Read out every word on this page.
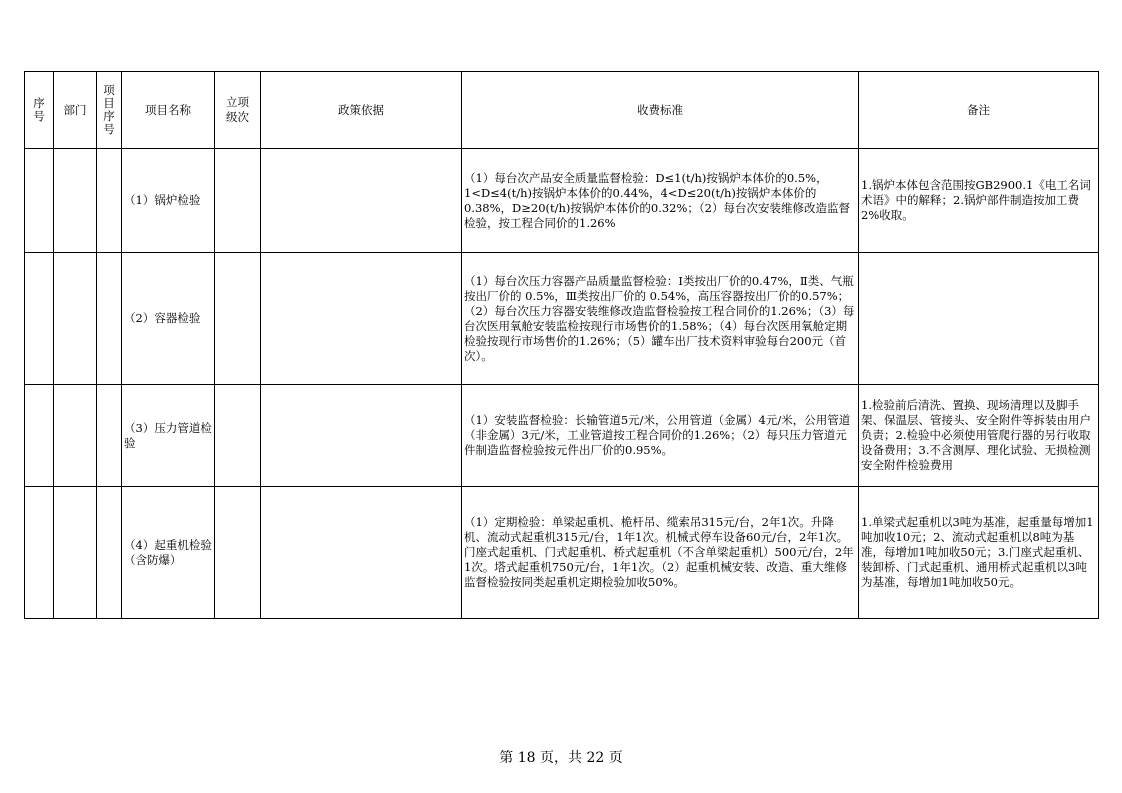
序号	部门	项目序号	项目名称	立项级次	政策依据	收费标准	备注
			（1）锅炉检验			（1）每台次产品安全质量监督检验：D≤1(t/h)按锅炉本体价的0.5%，1<D≤4(t/h)按锅炉本体价的0.44%，4<D≤20(t/h)按锅炉本体价的0.38%，D≥20(t/h)按锅炉本体价的0.32%；（2）每台次安装维修改造监督检验，按工程合同价的1.26%	1.锅炉本体包含范围按GB2900.1《电工名词术语》中的解释；2.锅炉部件制造按加工费2%收取。
			（2）容器检验			（1）每台次压力容器产品质量监督检验：Ⅰ类按出厂价的0.47%，Ⅱ类、气瓶按出厂价的 0.5%，Ⅲ类按出厂价的 0.54%，高压容器按出厂价的0.57%；（2）每台次压力容器安装维修改造监督检验按工程合同价的1.26%；（3）每台次医用氧舱安装监检按现行市场售价的1.58%；（4）每台次医用氧舱定期检验按现行市场售价的1.26%；（5）罐车出厂技术资料审验每台200元（首次）。	
			（3）压力管道检验			（1）安装监督检验：长输管道5元/米，公用管道（金属）4元/米，公用管道（非金属）3元/米，工业管道按工程合同价的1.26%；（2）每只压力管道元件制造监督检验按元件出厂价的0.95%。	1.检验前后清洗、置换、现场清理以及脚手架、保温层、管接头、安全附件等拆装由用户负责；2.检验中必须使用管爬行器的另行收取设备费用；3.不含测厚、理化试验、无损检测安全附件检验费用
			（4）起重机检验（含防爆）			（1）定期检验：单梁起重机、桅杆吊、缆索吊315元/台，2年1次。升降机、流动式起重机315元/台，1年1次。机械式停车设备60元/台，2年1次。门座式起重机、门式起重机、桥式起重机（不含单梁起重机）500元/台，2年1次。塔式起重机750元/台，1年1次。（2）起重机械安装、改造、重大维修监督检验按同类起重机定期检验加收50%。	1.单梁式起重机以3吨为基准，起重量每增加1吨加收10元；2、流动式起重机以8吨为基准，每增加1吨加收50元；3.门座式起重机、装卸桥、门式起重机、通用桥式起重机以3吨为基准，每增加1吨加收50元。
第 18 页，共 22 页
